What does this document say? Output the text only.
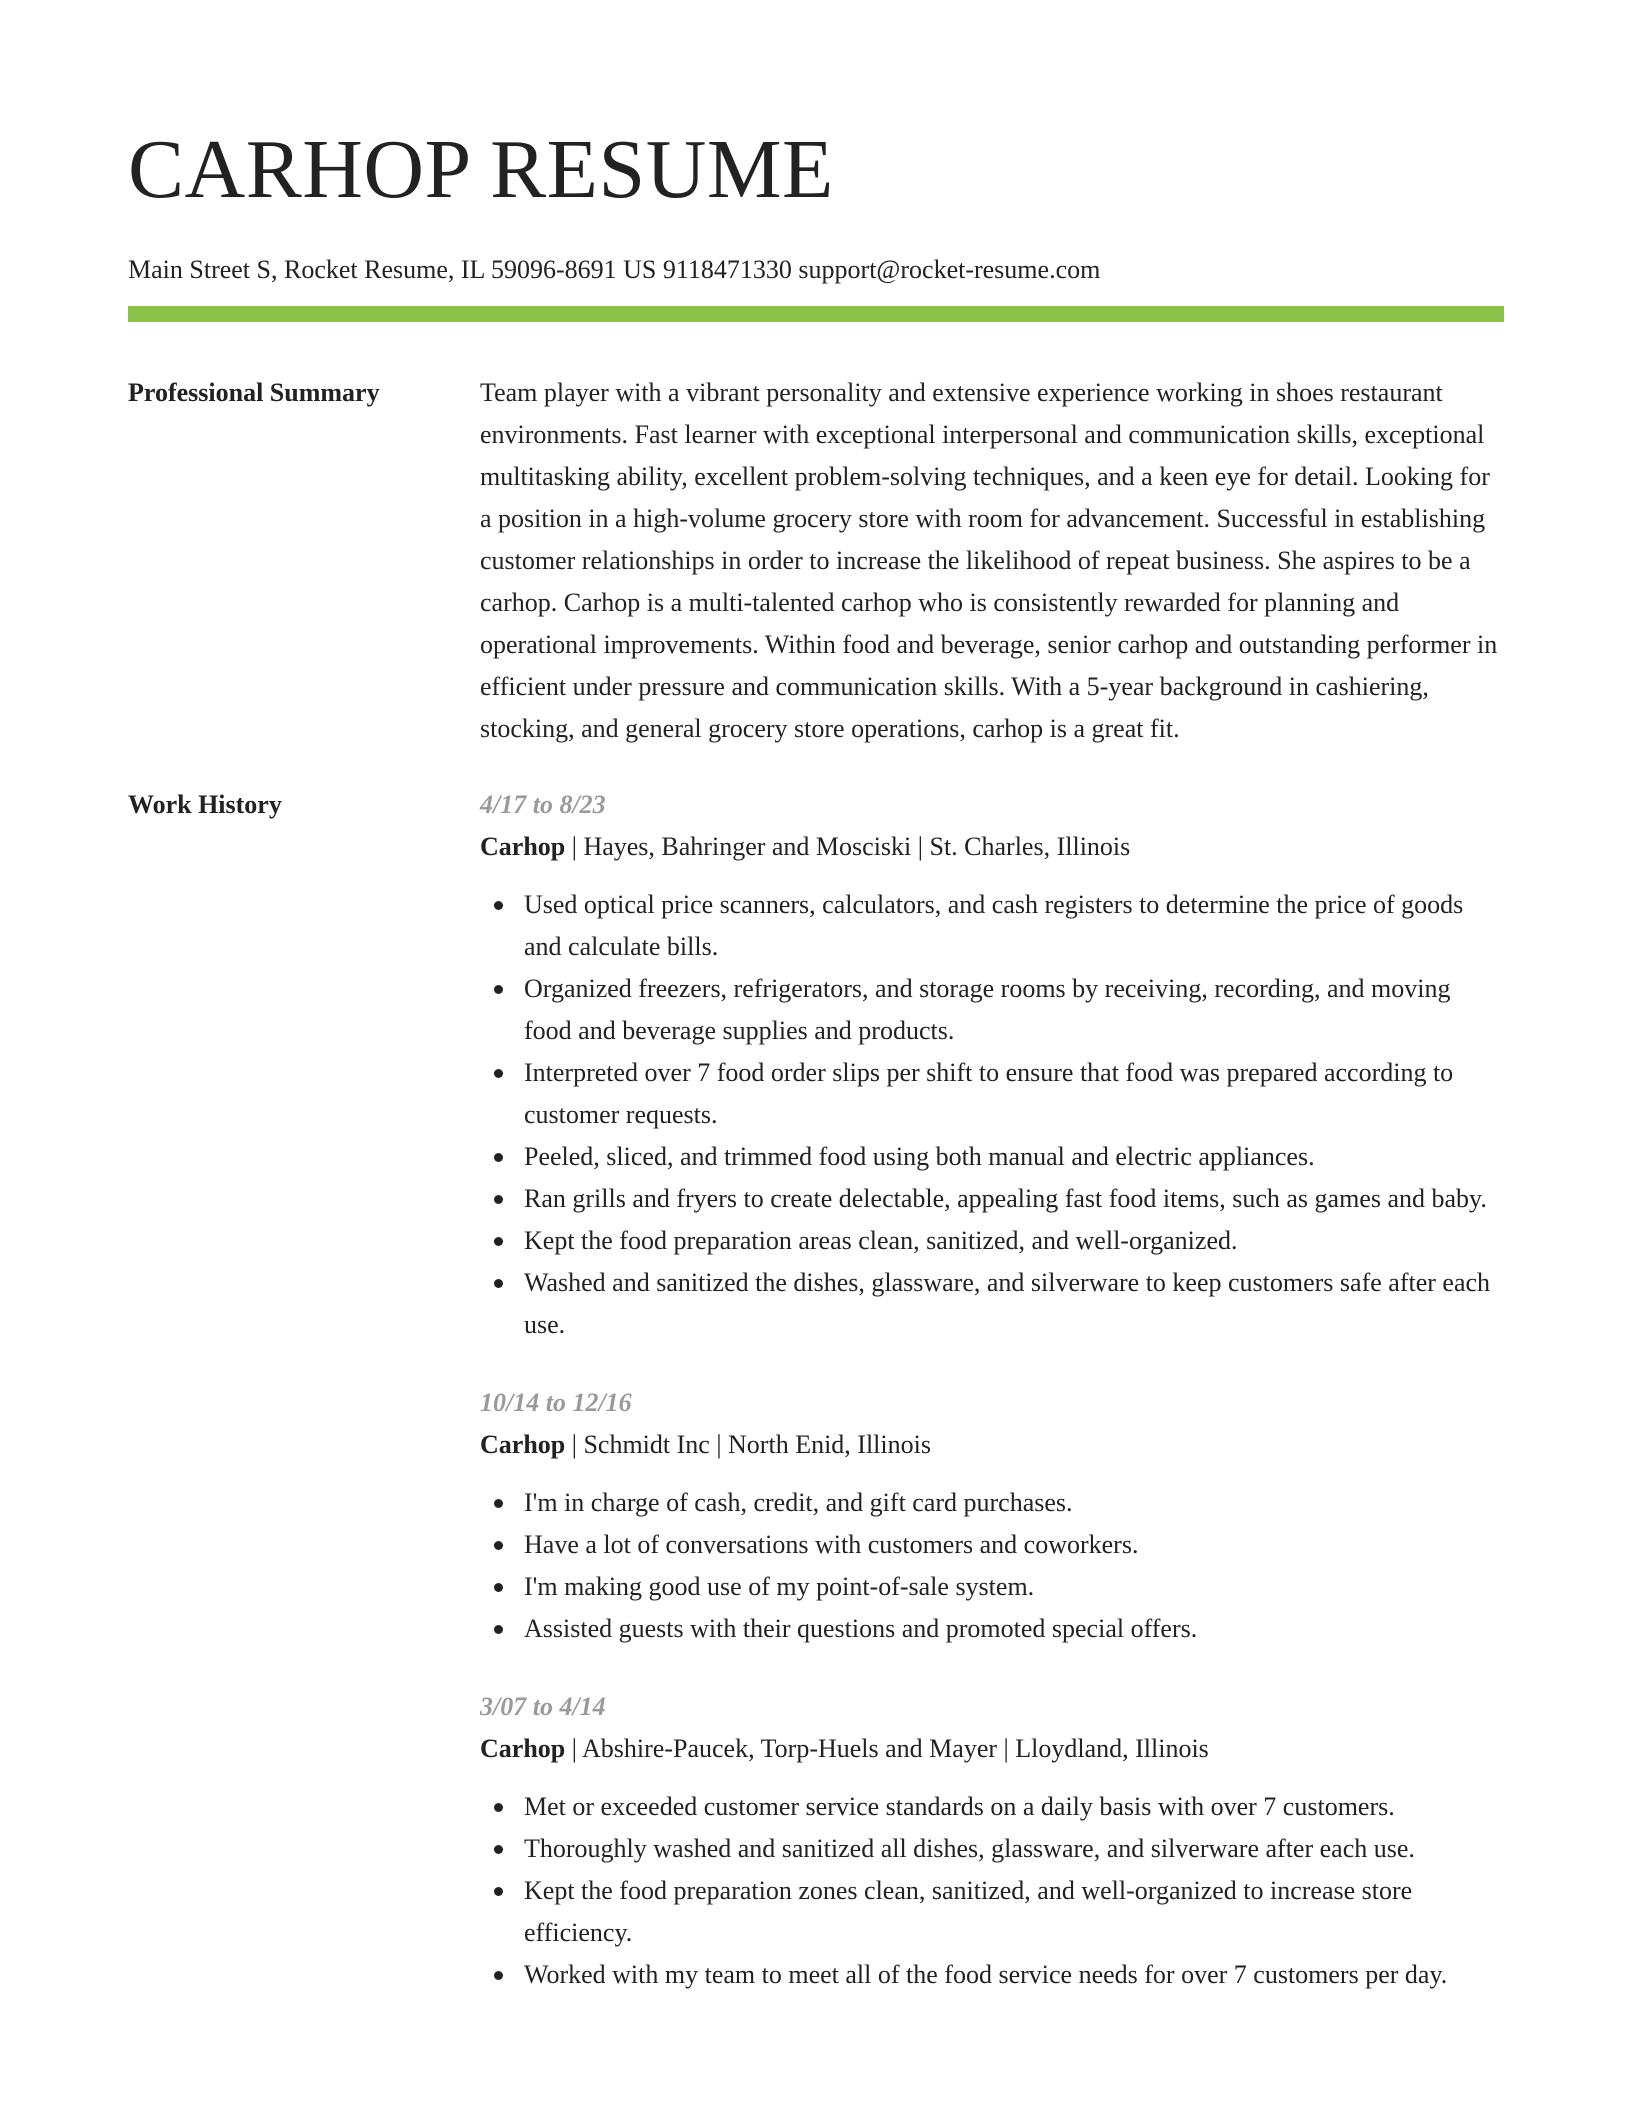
CARHOP RESUME
Main Street S, Rocket Resume, IL 59096-8691 US 9118471330 support@rocket-resume.com
Professional Summary	Team player with a vibrant personality and extensive experience working in shoes restaurant environments. Fast learner with exceptional interpersonal and communication skills, exceptional multitasking ability, excellent problem-solving techniques, and a keen eye for detail. Looking for a position in a high-volume grocery store with room for advancement. Successful in establishing customer relationships in order to increase the likelihood of repeat business. She aspires to be a carhop. Carhop is a multi-talented carhop who is consistently rewarded for planning and operational improvements. Within food and beverage, senior carhop and outstanding performer in efficient under pressure and communication skills. With a 5-year background in cashiering, stocking, and general grocery store operations, carhop is a great fit.

Work History	4/17 to 8/23
Carhop | Hayes, Bahringer and Mosciski | St. Charles, Illinois
Used optical price scanners, calculators, and cash registers to determine the price of goods and calculate bills.
Organized freezers, refrigerators, and storage rooms by receiving, recording, and moving food and beverage supplies and products.
Interpreted over 7 food order slips per shift to ensure that food was prepared according to customer requests.
Peeled, sliced, and trimmed food using both manual and electric appliances.
Ran grills and fryers to create delectable, appealing fast food items, such as games and baby.
Kept the food preparation areas clean, sanitized, and well-organized.
Washed and sanitized the dishes, glassware, and silverware to keep customers safe after each use.
10/14 to 12/16
Carhop | Schmidt Inc | North Enid, Illinois
I'm in charge of cash, credit, and gift card purchases.
Have a lot of conversations with customers and coworkers.
I'm making good use of my point-of-sale system.
Assisted guests with their questions and promoted special offers.
3/07 to 4/14
Carhop | Abshire-Paucek, Torp-Huels and Mayer | Lloydland, Illinois
Met or exceeded customer service standards on a daily basis with over 7 customers.
Thoroughly washed and sanitized all dishes, glassware, and silverware after each use.
Kept the food preparation zones clean, sanitized, and well-organized to increase store efficiency.
Worked with my team to meet all of the food service needs for over 7 customers per day.
